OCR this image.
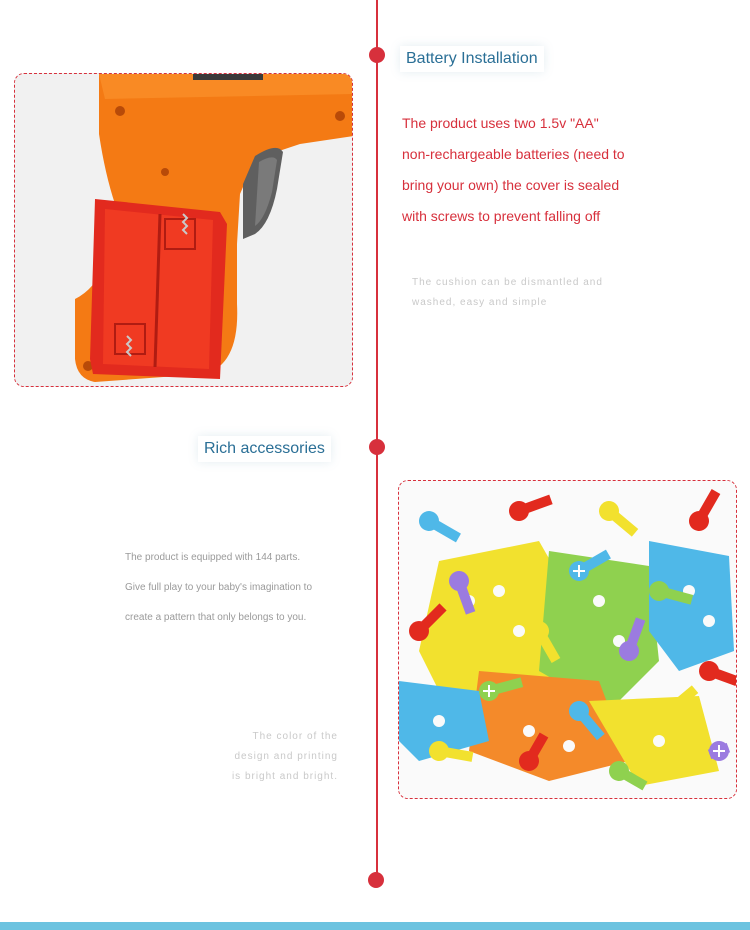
Battery Installation
The product uses two 1.5v "AA"
non-rechargeable batteries (need to
bring your own) the cover is sealed
with screws to prevent falling off
The cushion can be dismantled and
washed, easy and simple
Rich accessories
The product is equipped with 144 parts.
Give full play to your baby's imagination to
create a pattern that only belongs to you.
The color of the
design and printing
is bright and bright.
